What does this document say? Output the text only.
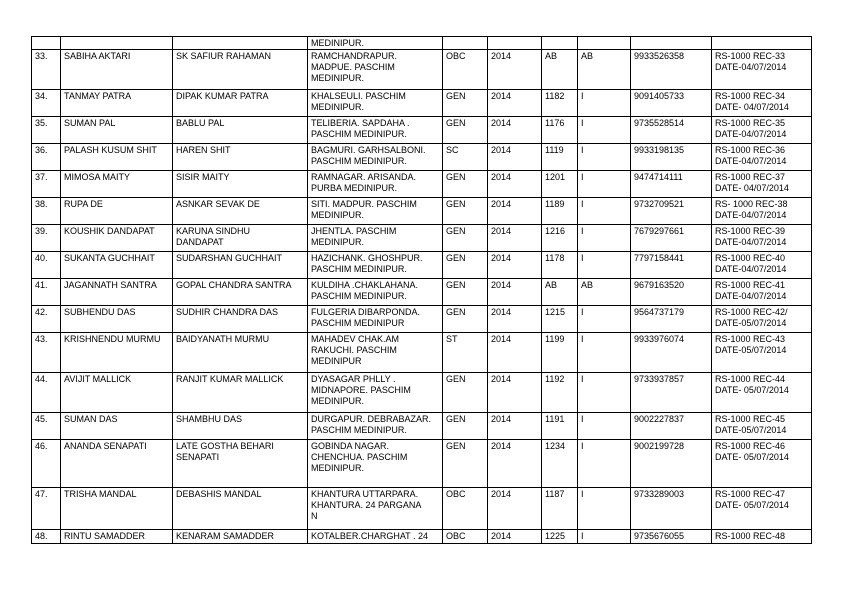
			MEDINIPUR.						

33.	SABIHA AKTARI	SK SAFIUR RAHAMAN	RAMCHANDRAPUR.
MADPUE. PASCHIM
MEDINIPUR.	OBC	2014	AB	AB	9933526358	RS-1000 REC-33
DATE-04/07/2014

34.	TANMAY PATRA	DIPAK KUMAR PATRA	KHALSEULI. PASCHIM
MEDINIPUR.	GEN	2014	1182	I	9091405733	RS-1000 REC-34
DATE- 04/07/2014

35.	SUMAN PAL	BABLU PAL	TELIBERIA. SAPDAHA .
PASCHIM MEDINIPUR.	GEN	2014	1176	I	9735528514	RS-1000 REC-35
DATE-04/07/2014

36.	PALASH KUSUM SHIT	HAREN SHIT	BAGMURI. GARHSALBONI.
PASCHIM MEDINIPUR.	SC	2014	1119	I	9933198135	RS-1000 REC-36
DATE-04/07/2014

37.	MIMOSA MAITY	SISIR MAITY	RAMNAGAR. ARISANDA.
PURBA MEDINIPUR.	GEN	2014	1201	I	9474714111	RS-1000 REC-37
DATE- 04/07/2014

38.	RUPA DE	ASNKAR SEVAK DE	SITI. MADPUR. PASCHIM
MEDINIPUR.	GEN	2014	1189	I	9732709521	RS- 1000 REC-38
DATE-04/07/2014

39.	KOUSHIK DANDAPAT	KARUNA SINDHU
DANDAPAT	JHENTLA. PASCHIM
MEDINIPUR.	GEN	2014	1216	I	7679297661	RS-1000 REC-39
DATE-04/07/2014

40.	SUKANTA GUCHHAIT	SUDARSHAN GUCHHAIT	HAZICHANK. GHOSHPUR.
PASCHIM MEDINIPUR.	GEN	2014	1178	I	7797158441	RS-1000 REC-40
DATE-04/07/2014

41.	JAGANNATH SANTRA	GOPAL CHANDRA SANTRA	KULDIHA .CHAKLAHANA.
PASCHIM MEDINIPUR.	GEN	2014	AB	AB	9679163520	RS-1000 REC-41
DATE-04/07/2014

42.	SUBHENDU DAS	SUDHIR CHANDRA DAS	FULGERIA DIBARPONDA.
PASCHIM MEDINIPUR	GEN	2014	1215	I	9564737179	RS-1000 REC-42/
DATE-05/07/2014

43.	KRISHNENDU MURMU	BAIDYANATH MURMU	MAHADEV CHAK.AM
RAKUCHI. PASCHIM
MEDINIPUR	ST	2014	1199	I	9933976074	RS-1000 REC-43
DATE-05/07/2014

44.	AVIJIT MALLICK	RANJIT KUMAR MALLICK	DYASAGAR PHLLY .
MIDNAPORE. PASCHIM
MEDINIPUR.	GEN	2014	1192	I	9733937857	RS-1000 REC-44
DATE- 05/07/2014

45.	SUMAN DAS	SHAMBHU DAS	DURGAPUR. DEBRABAZAR.
PASCHIM MEDINIPUR.	GEN	2014	1191	I	9002227837	RS-1000 REC-45
DATE-05/07/2014

46.	ANANDA SENAPATI	LATE GOSTHA BEHARI
SENAPATI	GOBINDA NAGAR.
CHENCHUA. PASCHIM
MEDINIPUR.	GEN	2014	1234	I	9002199728	RS-1000 REC-46
DATE- 05/07/2014

47.	TRISHA MANDAL	DEBASHIS MANDAL	KHANTURA UTTARPARA.
KHANTURA. 24 PARGANA
N	OBC	2014	1187	I	9733289003	RS-1000 REC-47
DATE- 05/07/2014

48.	RINTU SAMADDER	KENARAM SAMADDER	KOTALBER.CHARGHAT . 24	OBC	2014	1225	I	9735676055	RS-1000 REC-48
